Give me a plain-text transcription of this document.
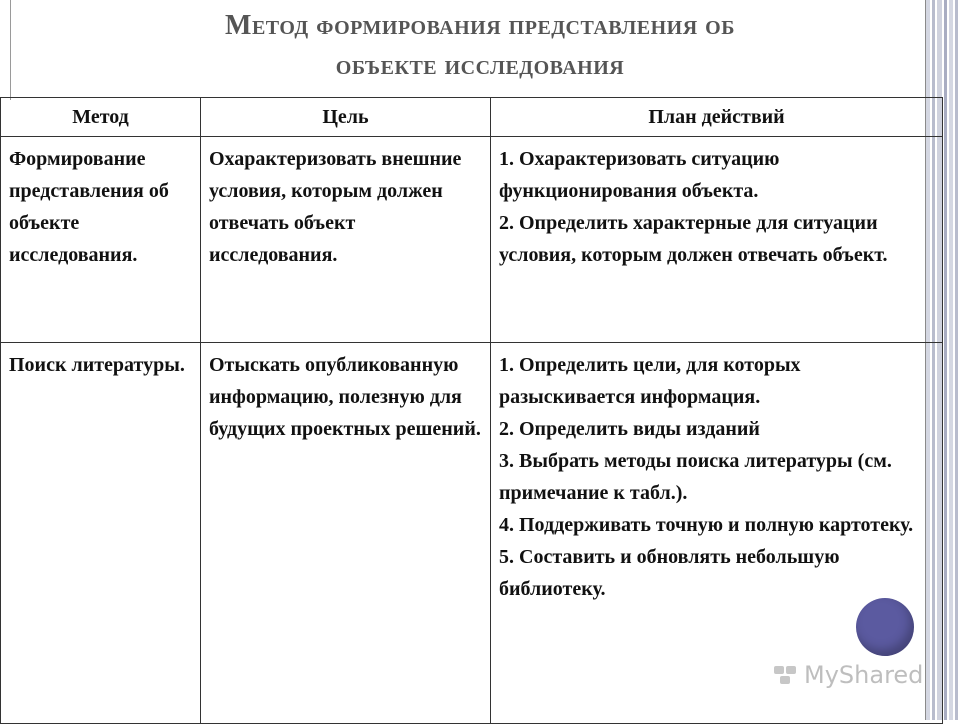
Метод формирования представления об
объекте исследования
Метод	Цель	План действий

Формирование представления об объекте исследования.	Охарактеризовать внешние условия, которым должен отвечать объект исследования.	1. Охарактеризовать ситуацию функционирования объекта.
2. Определить характерные для ситуации условия, которым должен отвечать объект.

Поиск литературы.	Отыскать опубликованную информацию, полезную для будущих проектных решений.	1. Определить цели, для которых разыскивается информация.
2. Определить виды изданий
3. Выбрать методы поиска литературы (см. примечание к табл.).
4. Поддерживать точную и полную картотеку.
5. Составить и обновлять небольшую библиотеку.
MyShared
